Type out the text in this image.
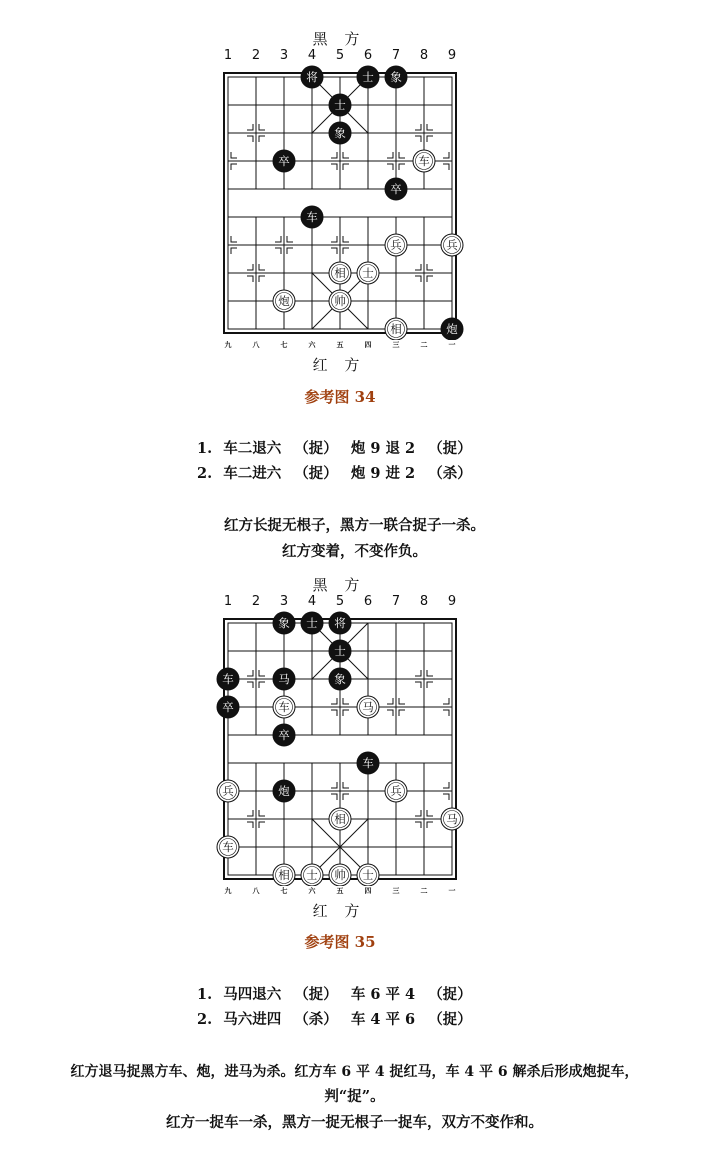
黑 方
1 2 3 4 5 6 7 8 9
将	士 象
士
象
卒	车
卒
车
兵	兵
相 士
炮	帅
相	炮
九	八	七	六	五	四	三	二	一
红 方
参考图 34
1. 车二退六 （捉） 炮 9 退 2 （捉）
2. 车二进六 （捉） 炮 9 进 2 （杀）
红方长捉无根子，黑方一联合捉子一杀。
红方变着，不变作负。
黑 方
1 2 3 4 5 6 7 8 9
象 士 将
士
车	马	象
卒	车	马
卒
车
兵	炮	兵
马
相
车
相 士 帅 士
九	八	七	六	五	四	三	二	一
红 方
参考图 35
1. 马四退六 （捉） 车 6 平 4 （捉）
2. 马六进四 （杀） 车 4 平 6 （捉）
红方退马捉黑方车、炮，进马为杀。红方车 6 平 4 捉红马，车 4 平 6 解杀后形成炮捉车，
判“捉”。
红方一捉车一杀，黑方一捉无根子一捉车，双方不变作和。
